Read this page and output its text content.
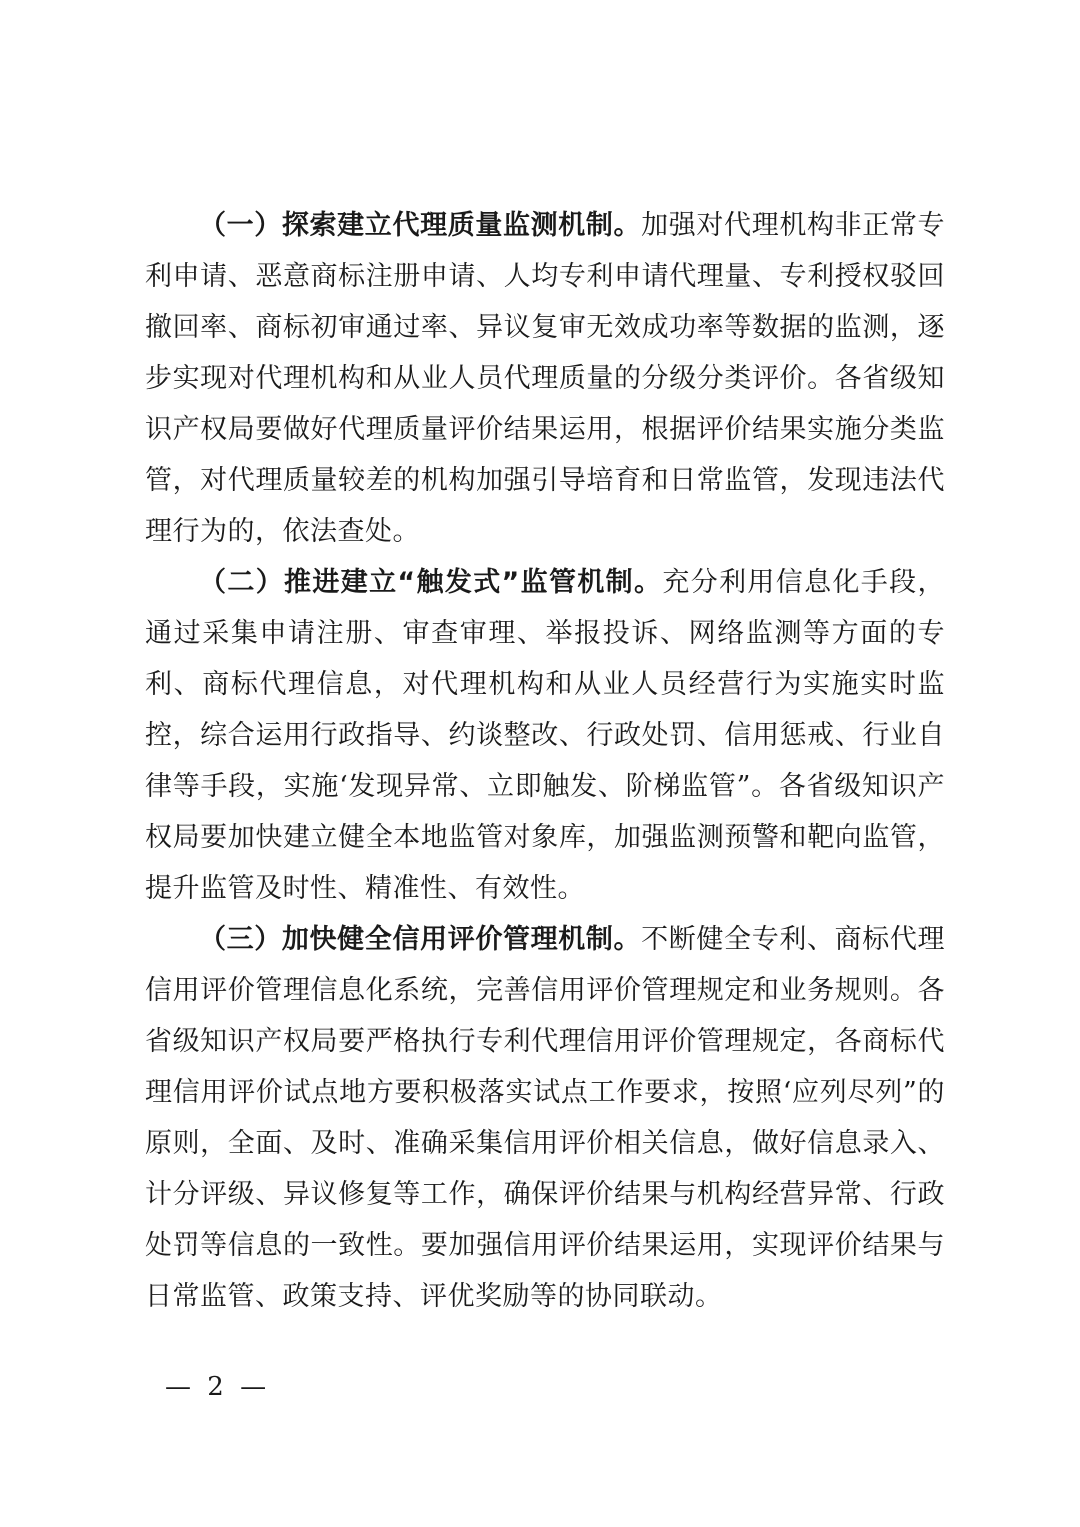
（一）探索建立代理质量监测机制。加强对代理机构非正常专利申请、恶意商标注册申请、人均专利申请代理量、专利授权驳回撤回率、商标初审通过率、异议复审无效成功率等数据的监测，逐步实现对代理机构和从业人员代理质量的分级分类评价。各省级知识产权局要做好代理质量评价结果运用，根据评价结果实施分类监管，对代理质量较差的机构加强引导培育和日常监管，发现违法代理行为的，依法查处。

（二）推进建立“触发式”监管机制。充分利用信息化手段，通过采集申请注册、审查审理、举报投诉、网络监测等方面的专利、商标代理信息，对代理机构和从业人员经营行为实施实时监控，综合运用行政指导、约谈整改、行政处罚、信用惩戒、行业自律等手段，实施‘发现异常、立即触发、阶梯监管”。各省级知识产权局要加快建立健全本地监管对象库，加强监测预警和靶向监管，提升监管及时性、精准性、有效性。

（三）加快健全信用评价管理机制。不断健全专利、商标代理信用评价管理信息化系统，完善信用评价管理规定和业务规则。各省级知识产权局要严格执行专利代理信用评价管理规定，各商标代理信用评价试点地方要积极落实试点工作要求，按照‘应列尽列”的原则，全面、及时、准确采集信用评价相关信息，做好信息录入、计分评级、异议修复等工作，确保评价结果与机构经营异常、行政处罚等信息的一致性。要加强信用评价结果运用，实现评价结果与日常监管、政策支持、评优奖励等的协同联动。

— 2 —
